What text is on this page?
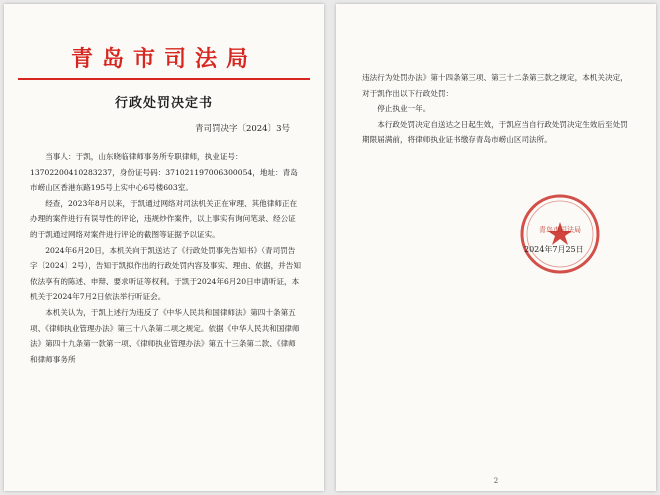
青岛市司法局
行政处罚决定书
青司罚决字〔2024〕3号

当事人：于凯，山东晓临律师事务所专职律师，执业证号：13702200410283237，身份证号码：371021197006300054，地址：青岛市崂山区香港东路195号上实中心6号楼603室。

经查，2023年8月以来，于凯通过网络对司法机关正在审理、其他律师正在办理的案件进行有误导性的评论，违规炒作案件，以上事实有询问笔录、经公证的于凯通过网络对案件进行评论的截图等证据予以证实。

2024年6月20日，本机关向于凯送达了《行政处罚事先告知书》（青司罚告字〔2024〕2号），告知于凯拟作出的行政处罚内容及事实、理由、依据，并告知依法享有的陈述、申辩、要求听证等权利。于凯于2024年6月20日申请听证，本机关于2024年7月2日依法举行听证会。

本机关认为，于凯上述行为违反了《中华人民共和国律师法》第四十条第五项、《律师执业管理办法》第三十八条第二项之规定。依据《中华人民共和国律师法》第四十九条第一款第一项、《律师执业管理办法》第五十三条第二款、《律师和律师事务所

违法行为处罚办法》第十四条第三项、第三十二条第三款之规定，本机关决定，对于凯作出以下行政处罚：

停止执业一年。

本行政处罚决定自送达之日起生效，于凯应当自行政处罚决定生效后至处罚期限届满前，将律师执业证书缴存青岛市崂山区司法所。

青岛市司法局
2024年7月25日
2
